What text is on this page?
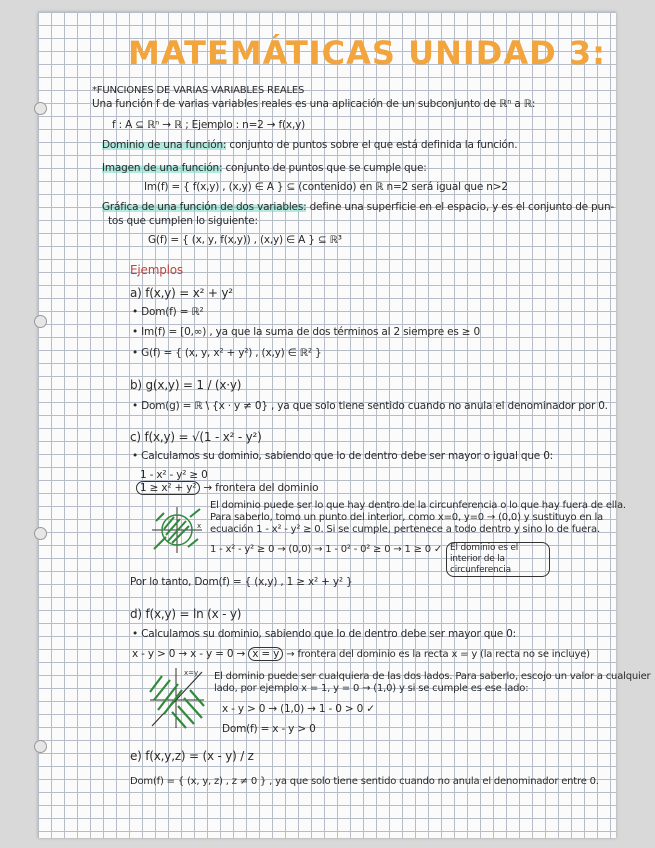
MATEMÁTICAS UNIDAD 3:
*FUNCIONES DE VARIAS VARIABLES REALES
Una función f de varias variables reales es una aplicación de un subconjunto de ℝⁿ a ℝ:
f : A ⊆ ℝⁿ → ℝ ; Ejemplo : n=2 → f(x,y)
Dominio de una función: conjunto de puntos sobre el que está definida la función.
Imagen de una función: conjunto de puntos que se cumple que:
Im(f) = { f(x,y) , (x,y) ∈ A } ⊆ (contenido) en ℝ n=2 será igual que n>2
Gráfica de una función de dos variables: define una superficie en el espacio, y es el conjunto de pun-
tos que cumplen lo siguiente:
G(f) = { (x, y, f(x,y)) , (x,y) ∈ A } ⊆ ℝ³
Ejemplos
a) f(x,y) = x² + y²
• Dom(f) = ℝ²
• Im(f) = [0,∞) , ya que la suma de dos términos al 2 siempre es ≥ 0
• G(f) = { (x, y, x² + y²) , (x,y) ∈ ℝ² }
b) g(x,y) = 1 / (x·y)
• Dom(g) = ℝ \ {x · y ≠ 0} , ya que solo tiene sentido cuando no anula el denominador por 0.
c) f(x,y) = √(1 - x² - y²)
• Calculamos su dominio, sabiendo que lo de dentro debe ser mayor o igual que 0:
1 - x² - y² ≥ 0
1 ≥ x² + y² → frontera del dominio
x
El dominio puede ser lo que hay dentro de la circunferencia o lo que hay fuera de ella.
Para saberlo, tomo un punto del interior, como x=0, y=0 → (0,0) y sustituyo en la
ecuación 1 - x² - y² ≥ 0. Si se cumple, pertenece a todo dentro y sino lo de fuera.
1 - x² - y² ≥ 0 → (0,0) → 1 - 0² - 0² ≥ 0 → 1 ≥ 0 ✓ El dominio es el interior de la circunferencia
Por lo tanto, Dom(f) = { (x,y) , 1 ≥ x² + y² }
d) f(x,y) = ln (x - y)
• Calculamos su dominio, sabiendo que lo de dentro debe ser mayor que 0:
x - y > 0 → x - y = 0 → x = y → frontera del dominio es la recta x = y (la recta no se incluye)
x=y El dominio puede ser cualquiera de las dos lados. Para saberlo, escojo un valor a cualquier
lado, por ejemplo x = 1, y = 0 → (1,0) y si se cumple es ese lado:
x - y > 0 → (1,0) → 1 - 0 > 0 ✓
Dom(f) = x - y > 0
e) f(x,y,z) = (x - y) / z
Dom(f) = { (x, y, z) , z ≠ 0 } , ya que solo tiene sentido cuando no anula el denominador entre 0.
